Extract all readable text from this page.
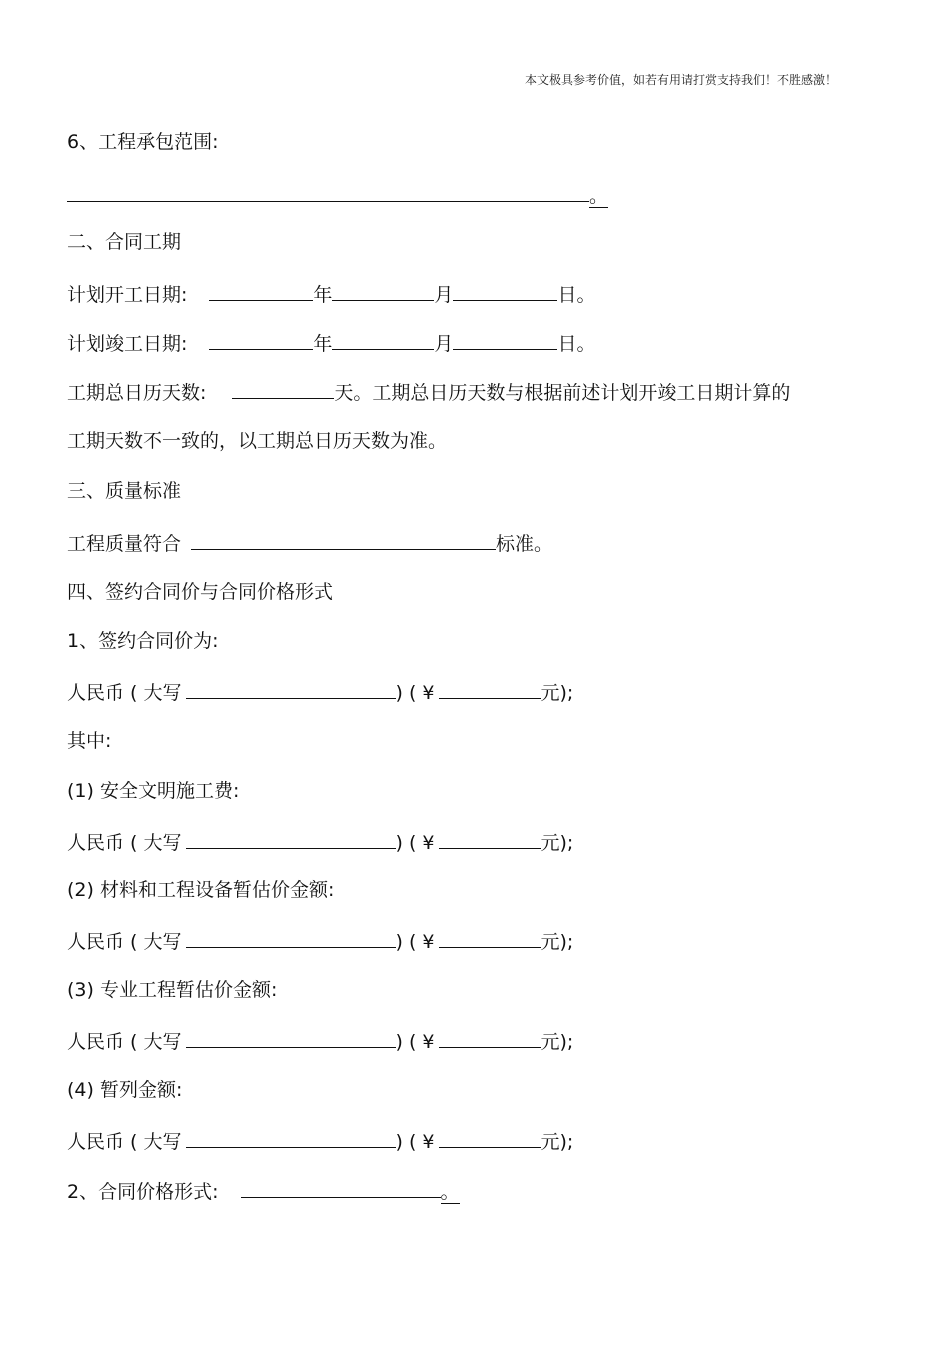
本文极具参考价值，如若有用请打赏支持我们！不胜感激！
6、工程承包范围:
。
二、合同工期
计划开工日期:	年	月	日。
计划竣工日期:	年	月	日。
工期总日历天数:	天。工期总日历天数与根据前述计划开竣工日期计算的
工期天数不一致的，以工期总日历天数为准。
三、质量标准
工程质量符合	标准。
四、签约合同价与合同价格形式
1、签约合同价为:
人民币 ( 大写	) ( ¥	元);
其中:
(1) 安全文明施工费:
人民币 ( 大写	) ( ¥	元);
(2) 材料和工程设备暂估价金额:
人民币 ( 大写	) ( ¥	元);
(3) 专业工程暂估价金额:
人民币 ( 大写	) ( ¥	元);
(4) 暂列金额:
人民币 ( 大写	) ( ¥	元);
2、合同价格形式:	。
